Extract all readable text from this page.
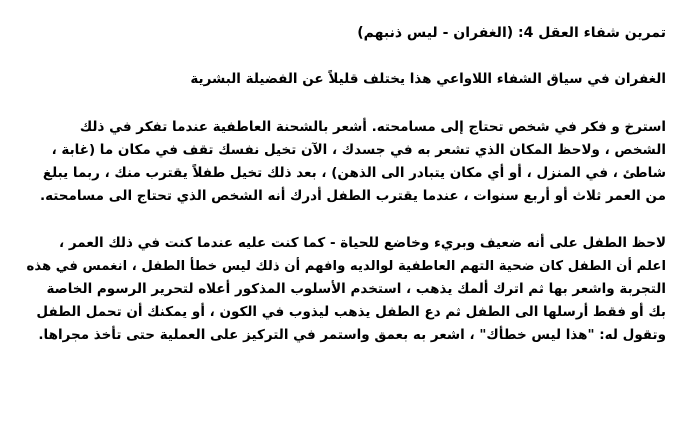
تمرين شفاء العقل 4: (الغفران - ليس ذنبهم)
الغفران في سياق الشفاء اللاواعي هذا يختلف قليلاً عن الفضيلة البشرية
استرخ و فكر في شخص تحتاج إلى مسامحته. أشعر بالشحنة العاطفية عندما تفكر في ذلك
الشخص ، ولاحظ المكان الذي تشعر به في جسدك ، الآن تخيل نفسك تقف في مكان ما (غابة ،
شاطئ ، في المنزل ، أو أي مكان يتبادر الى الذهن) ، بعد ذلك تخيل طفلاً يقترب منك ، ربما يبلغ
من العمر ثلاث أو أربع سنوات ، عندما يقترب الطفل أدرك أنه الشخص الذي تحتاج الى مسامحته.
لاحظ الطفل على أنه ضعيف وبريء وخاضع للحياة - كما كنت عليه عندما كنت في ذلك العمر ،
اعلم أن الطفل كان ضحية التهم العاطفية لوالديه وافهم أن ذلك ليس خطأ الطفل ، انغمس في هذه
التجربة واشعر بها ثم اترك ألمك يذهب ، استخدم الأسلوب المذكور أعلاه لتحرير الرسوم الخاصة
بك أو فقط أرسلها الى الطفل ثم دع الطفل يذهب ليذوب في الكون ، أو يمكنك أن تحمل الطفل
وتقول له: "هذا ليس خطأك" ، اشعر به بعمق واستمر في التركيز على العملية حتى تأخذ مجراها.
